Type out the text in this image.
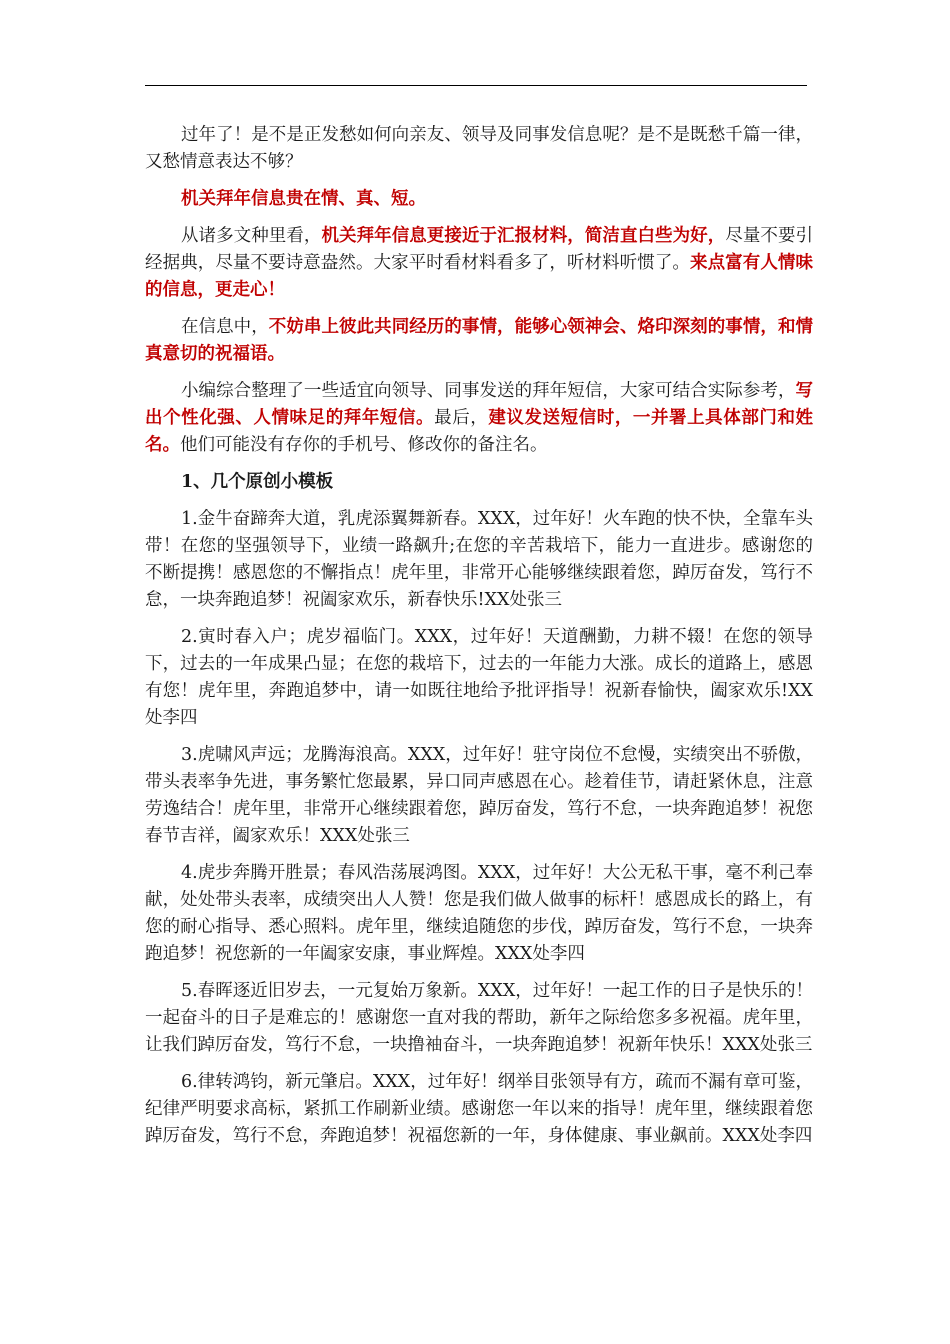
过年了！是不是正发愁如何向亲友、领导及同事发信息呢？是不是既愁千篇一律，又愁情意表达不够？

机关拜年信息贵在情、真、短。

从诸多文种里看，机关拜年信息更接近于汇报材料，简洁直白些为好，尽量不要引经据典，尽量不要诗意盎然。大家平时看材料看多了，听材料听惯了。来点富有人情味的信息，更走心！

在信息中，不妨串上彼此共同经历的事情，能够心领神会、烙印深刻的事情，和情真意切的祝福语。

小编综合整理了一些适宜向领导、同事发送的拜年短信，大家可结合实际参考，写出个性化强、人情味足的拜年短信。最后，建议发送短信时，一并署上具体部门和姓名。他们可能没有存你的手机号、修改你的备注名。

1、几个原创小模板

1.金牛奋蹄奔大道，乳虎添翼舞新春。XXX，过年好！火车跑的快不快，全靠车头带！在您的坚强领导下，业绩一路飙升;在您的辛苦栽培下，能力一直进步。感谢您的不断提携！感恩您的不懈指点！虎年里，非常开心能够继续跟着您，踔厉奋发，笃行不怠，一块奔跑追梦！祝阖家欢乐，新春快乐!XX处张三

2.寅时春入户；虎岁福临门。XXX，过年好！天道酬勤，力耕不辍！在您的领导下，过去的一年成果凸显；在您的栽培下，过去的一年能力大涨。成长的道路上，感恩有您！虎年里，奔跑追梦中，请一如既往地给予批评指导！祝新春愉快，阖家欢乐!XX处李四

3.虎啸风声远；龙腾海浪高。XXX，过年好！驻守岗位不怠慢，实绩突出不骄傲，带头表率争先进，事务繁忙您最累，异口同声感恩在心。趁着佳节，请赶紧休息，注意劳逸结合！虎年里，非常开心继续跟着您，踔厉奋发，笃行不怠，一块奔跑追梦！祝您春节吉祥，阖家欢乐！XXX处张三

4.虎步奔腾开胜景；春风浩荡展鸿图。XXX，过年好！大公无私干事，毫不利己奉献，处处带头表率，成绩突出人人赞！您是我们做人做事的标杆！感恩成长的路上，有您的耐心指导、悉心照料。虎年里，继续追随您的步伐，踔厉奋发，笃行不怠，一块奔跑追梦！祝您新的一年阖家安康，事业辉煌。XXX处李四

5.春晖逐近旧岁去，一元复始万象新。XXX，过年好！一起工作的日子是快乐的！一起奋斗的日子是难忘的！感谢您一直对我的帮助，新年之际给您多多祝福。虎年里，让我们踔厉奋发，笃行不怠，一块撸袖奋斗，一块奔跑追梦！祝新年快乐！XXX处张三

6.律转鸿钧，新元肇启。XXX，过年好！纲举目张领导有方，疏而不漏有章可鉴，纪律严明要求高标，紧抓工作刷新业绩。感谢您一年以来的指导！虎年里，继续跟着您踔厉奋发，笃行不怠，奔跑追梦！祝福您新的一年，身体健康、事业飙前。XXX处李四
